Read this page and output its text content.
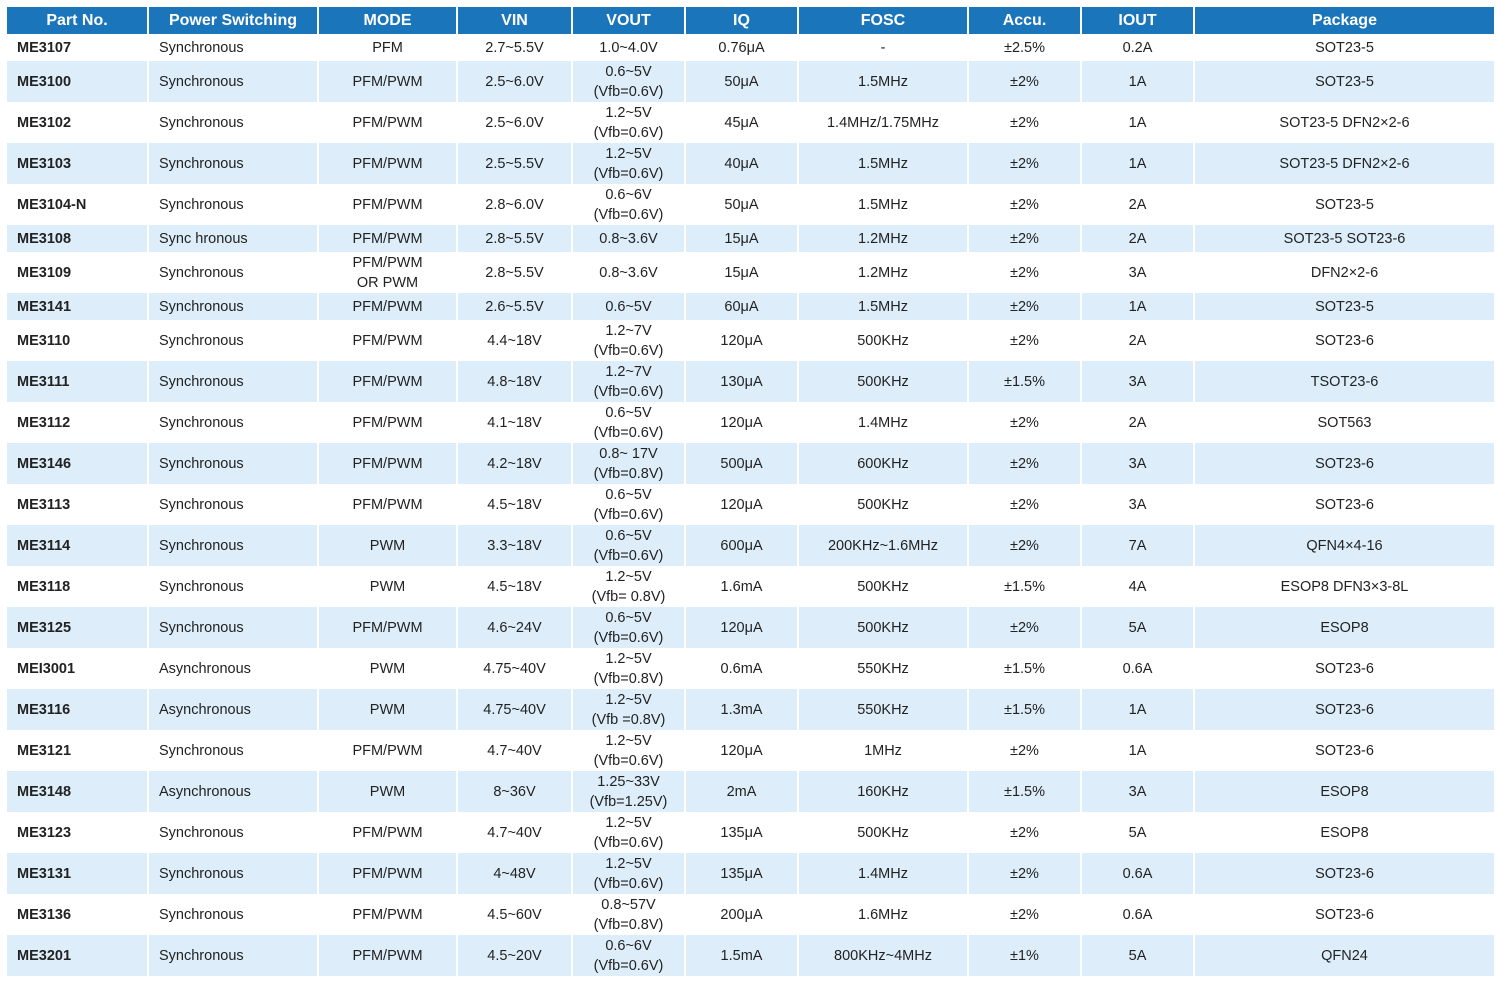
Part No.	Power Switching	MODE	VIN	VOUT	IQ	FOSC	Accu.	IOUT	Package
ME3107	Synchronous	PFM	2.7~5.5V	1.0~4.0V	0.76μA	-	±2.5%	0.2A	SOT23-5
ME3100	Synchronous	PFM/PWM	2.5~6.0V	0.6~5V
(Vfb=0.6V)	50μA	1.5MHz	±2%	1A	SOT23-5
ME3102	Synchronous	PFM/PWM	2.5~6.0V	1.2~5V
(Vfb=0.6V)	45μA	1.4MHz/1.75MHz	±2%	1A	SOT23-5 DFN2×2-6
ME3103	Synchronous	PFM/PWM	2.5~5.5V	1.2~5V
(Vfb=0.6V)	40μA	1.5MHz	±2%	1A	SOT23-5 DFN2×2-6
ME3104-N	Synchronous	PFM/PWM	2.8~6.0V	0.6~6V
(Vfb=0.6V)	50μA	1.5MHz	±2%	2A	SOT23-5
ME3108	Sync hronous	PFM/PWM	2.8~5.5V	0.8~3.6V	15μA	1.2MHz	±2%	2A	SOT23-5 SOT23-6
ME3109	Synchronous	PFM/PWM
OR PWM	2.8~5.5V	0.8~3.6V	15μA	1.2MHz	±2%	3A	DFN2×2-6
ME3141	Synchronous	PFM/PWM	2.6~5.5V	0.6~5V	60μA	1.5MHz	±2%	1A	SOT23-5
ME3110	Synchronous	PFM/PWM	4.4~18V	1.2~7V
(Vfb=0.6V)	120μA	500KHz	±2%	2A	SOT23-6
ME3111	Synchronous	PFM/PWM	4.8~18V	1.2~7V
(Vfb=0.6V)	130μA	500KHz	±1.5%	3A	TSOT23-6
ME3112	Synchronous	PFM/PWM	4.1~18V	0.6~5V
(Vfb=0.6V)	120μA	1.4MHz	±2%	2A	SOT563
ME3146	Synchronous	PFM/PWM	4.2~18V	0.8~ 17V
(Vfb=0.8V)	500μA	600KHz	±2%	3A	SOT23-6
ME3113	Synchronous	PFM/PWM	4.5~18V	0.6~5V
(Vfb=0.6V)	120μA	500KHz	±2%	3A	SOT23-6
ME3114	Synchronous	PWM	3.3~18V	0.6~5V
(Vfb=0.6V)	600μA	200KHz~1.6MHz	±2%	7A	QFN4×4-16
ME3118	Synchronous	PWM	4.5~18V	1.2~5V
(Vfb= 0.8V)	1.6mA	500KHz	±1.5%	4A	ESOP8 DFN3×3-8L
ME3125	Synchronous	PFM/PWM	4.6~24V	0.6~5V
(Vfb=0.6V)	120μA	500KHz	±2%	5A	ESOP8
MEI3001	Asynchronous	PWM	4.75~40V	1.2~5V
(Vfb=0.8V)	0.6mA	550KHz	±1.5%	0.6A	SOT23-6
ME3116	Asynchronous	PWM	4.75~40V	1.2~5V
(Vfb =0.8V)	1.3mA	550KHz	±1.5%	1A	SOT23-6
ME3121	Synchronous	PFM/PWM	4.7~40V	1.2~5V
(Vfb=0.6V)	120μA	1MHz	±2%	1A	SOT23-6
ME3148	Asynchronous	PWM	8~36V	1.25~33V
(Vfb=1.25V)	2mA	160KHz	±1.5%	3A	ESOP8
ME3123	Synchronous	PFM/PWM	4.7~40V	1.2~5V
(Vfb=0.6V)	135μA	500KHz	±2%	5A	ESOP8
ME3131	Synchronous	PFM/PWM	4~48V	1.2~5V
(Vfb=0.6V)	135μA	1.4MHz	±2%	0.6A	SOT23-6
ME3136	Synchronous	PFM/PWM	4.5~60V	0.8~57V
(Vfb=0.8V)	200μA	1.6MHz	±2%	0.6A	SOT23-6
ME3201	Synchronous	PFM/PWM	4.5~20V	0.6~6V
(Vfb=0.6V)	1.5mA	800KHz~4MHz	±1%	5A	QFN24
